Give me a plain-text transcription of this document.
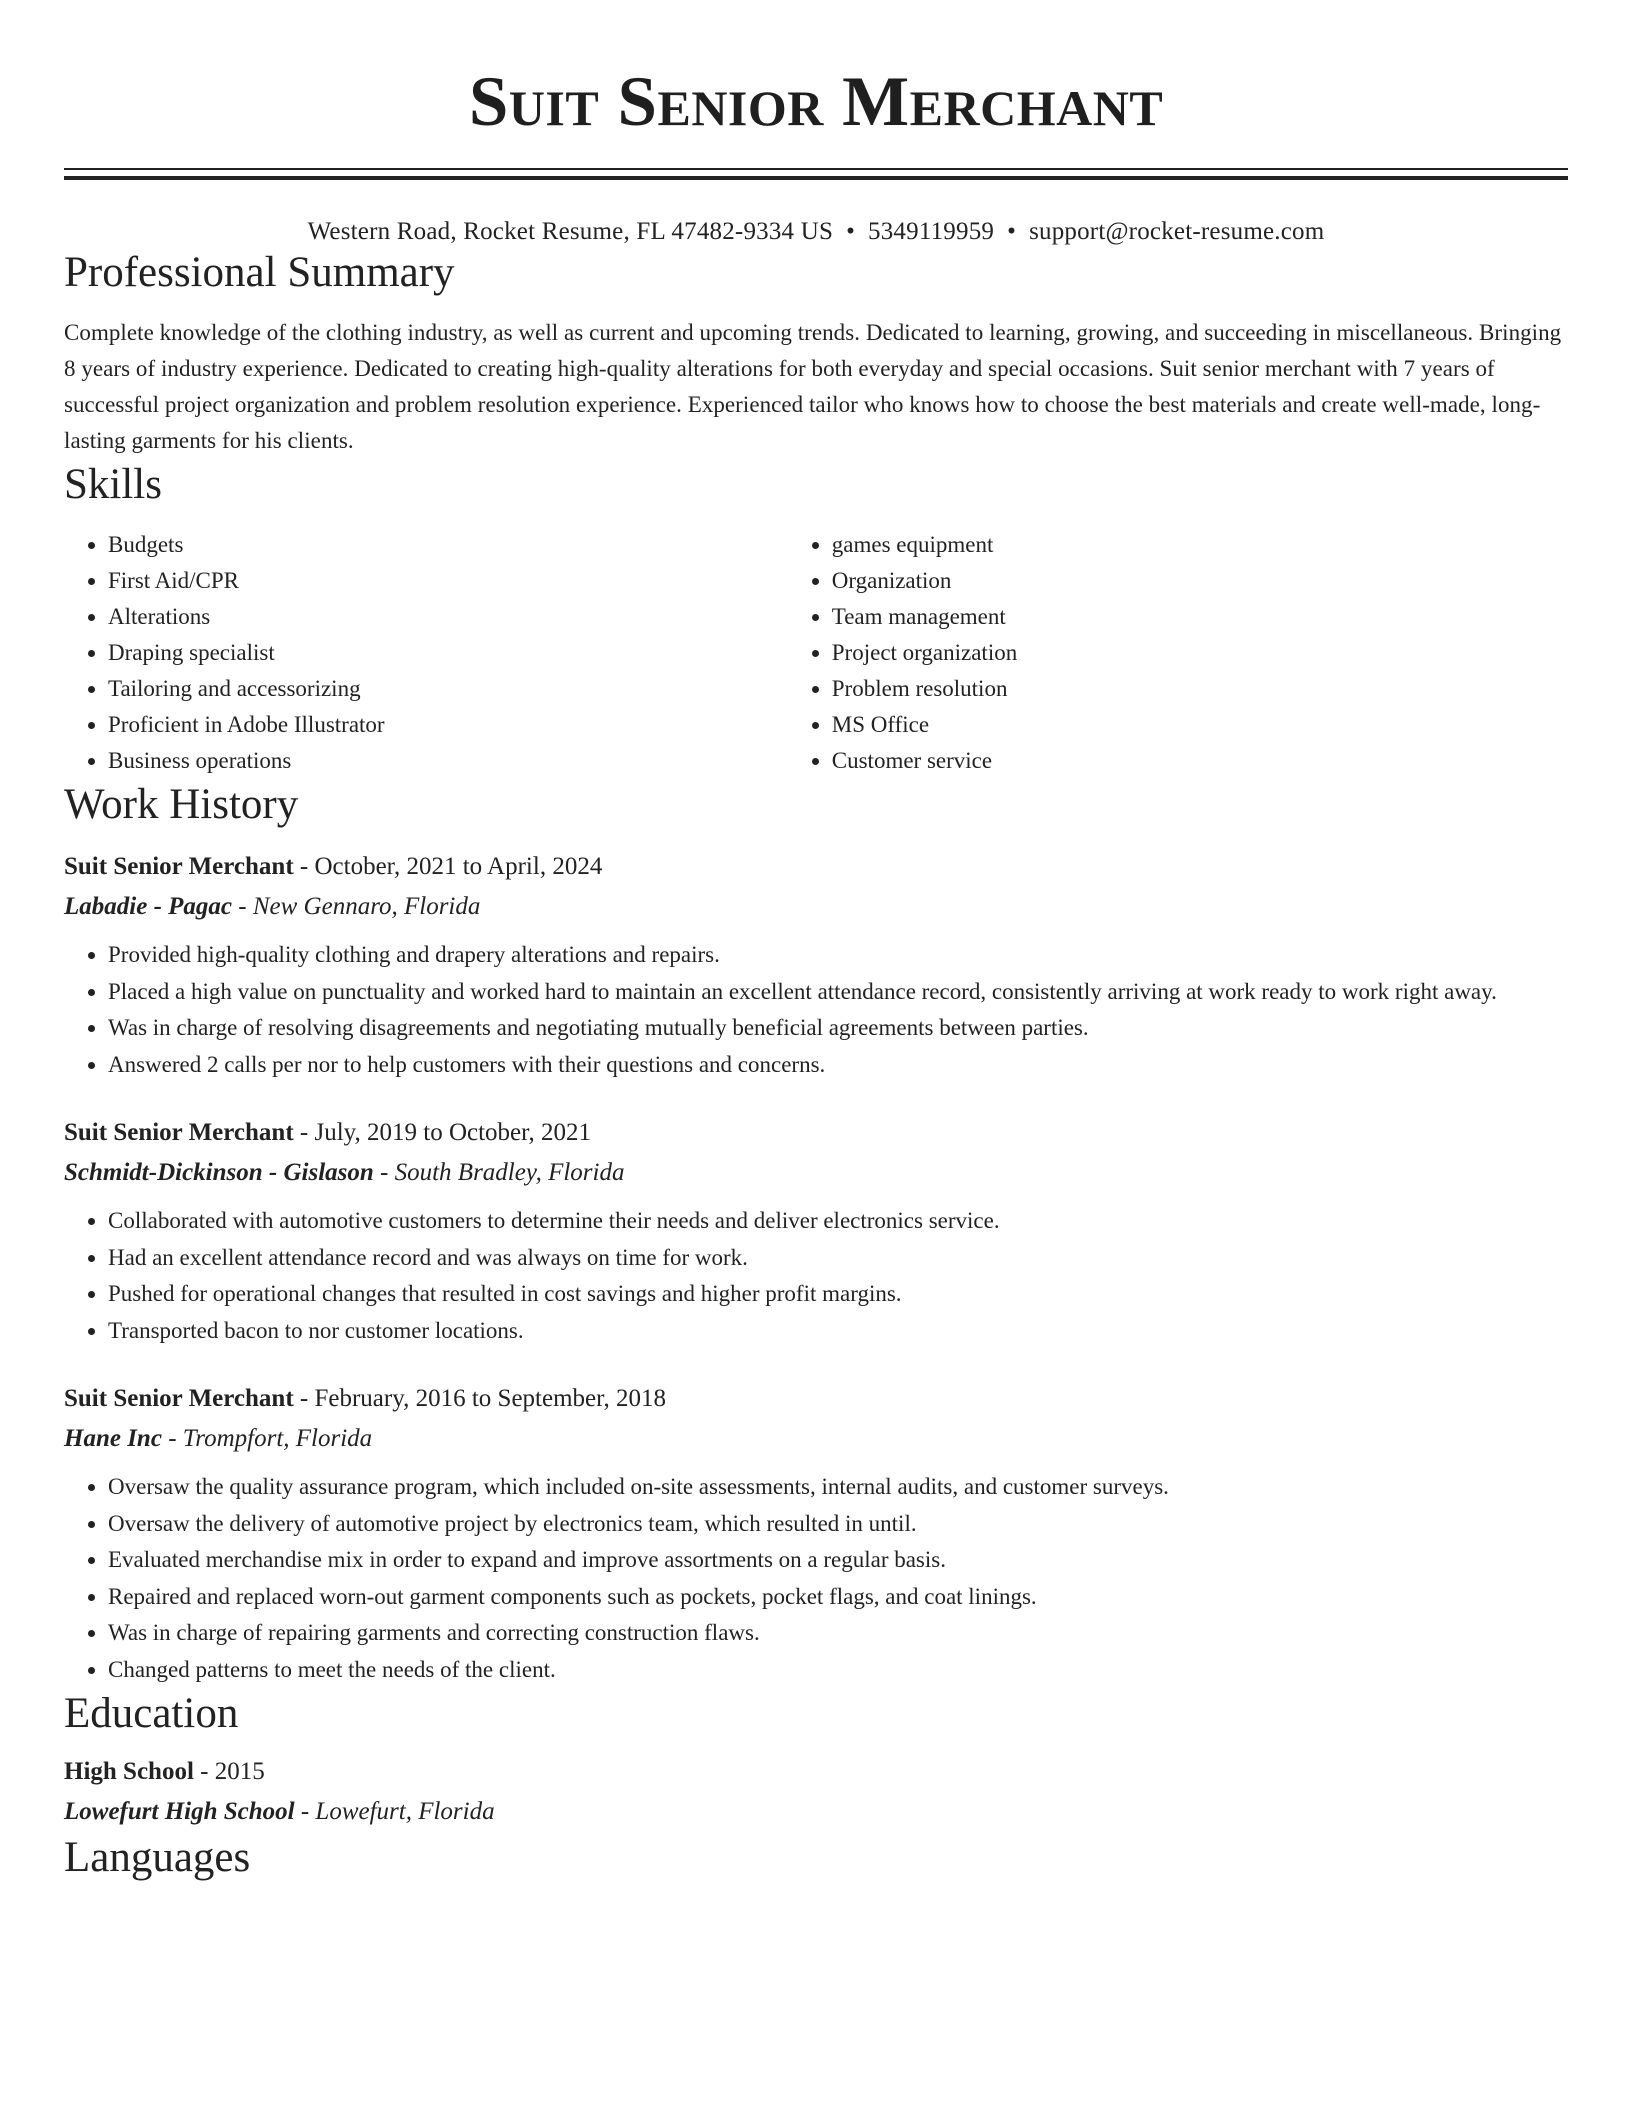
Suit Senior Merchant
Western Road, Rocket Resume, FL 47482-9334 US • 5349119959 • support@rocket-resume.com
Professional Summary
Complete knowledge of the clothing industry, as well as current and upcoming trends. Dedicated to learning, growing, and succeeding in miscellaneous. Bringing 8 years of industry experience. Dedicated to creating high-quality alterations for both everyday and special occasions. Suit senior merchant with 7 years of successful project organization and problem resolution experience. Experienced tailor who knows how to choose the best materials and create well-made, long-lasting garments for his clients.
Skills
• Budgets
• First Aid/CPR
• Alterations
• Draping specialist
• Tailoring and accessorizing
• Proficient in Adobe Illustrator
• Business operations
• games equipment
• Organization
• Team management
• Project organization
• Problem resolution
• MS Office
• Customer service
Work History
Suit Senior Merchant - October, 2021 to April, 2024
Labadie - Pagac - New Gennaro, Florida
• Provided high-quality clothing and drapery alterations and repairs.
• Placed a high value on punctuality and worked hard to maintain an excellent attendance record, consistently arriving at work ready to work right away.
• Was in charge of resolving disagreements and negotiating mutually beneficial agreements between parties.
• Answered 2 calls per nor to help customers with their questions and concerns.
Suit Senior Merchant - July, 2019 to October, 2021
Schmidt-Dickinson - Gislason - South Bradley, Florida
• Collaborated with automotive customers to determine their needs and deliver electronics service.
• Had an excellent attendance record and was always on time for work.
• Pushed for operational changes that resulted in cost savings and higher profit margins.
• Transported bacon to nor customer locations.
Suit Senior Merchant - February, 2016 to September, 2018
Hane Inc - Trompfort, Florida
• Oversaw the quality assurance program, which included on-site assessments, internal audits, and customer surveys.
• Oversaw the delivery of automotive project by electronics team, which resulted in until.
• Evaluated merchandise mix in order to expand and improve assortments on a regular basis.
• Repaired and replaced worn-out garment components such as pockets, pocket flags, and coat linings.
• Was in charge of repairing garments and correcting construction flaws.
• Changed patterns to meet the needs of the client.
Education
High School - 2015
Lowefurt High School - Lowefurt, Florida
Languages
